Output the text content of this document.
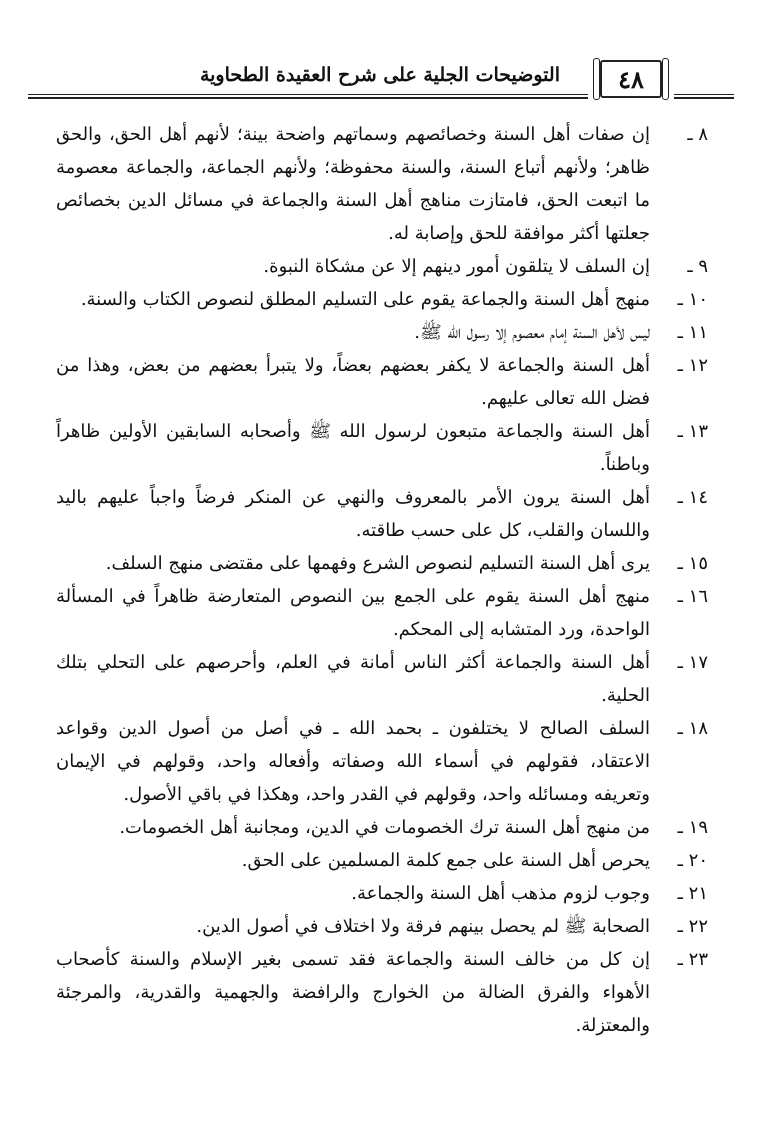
التوضيحات الجلية على شرح العقيدة الطحاوية ٤٨
٨ ـ
إن صفات أهل السنة وخصائصهم وسماتهم واضحة بينة؛ لأنهم أهل الحق، والحق ظاهر؛ ولأنهم أتباع السنة، والسنة محفوظة؛ ولأنهم الجماعة، والجماعة معصومة ما اتبعت الحق، فامتازت مناهج أهل السنة والجماعة في مسائل الدين بخصائص جعلتها أكثر موافقة للحق وإصابة له.
٩ ـ
إن السلف لا يتلقون أمور دينهم إلا عن مشكاة النبوة.
١٠ ـ
منهج أهل السنة والجماعة يقوم على التسليم المطلق لنصوص الكتاب والسنة.
١١ ـ
ليس لأهل السنة إمام معصوم إلا رسول الله ﷺ.
١٢ ـ
أهل السنة والجماعة لا يكفر بعضهم بعضاً، ولا يتبرأ بعضهم من بعض، وهذا من فضل الله تعالى عليهم.
١٣ ـ
أهل السنة والجماعة متبعون لرسول الله ﷺ وأصحابه السابقين الأولين ظاهراً وباطناً.
١٤ ـ
أهل السنة يرون الأمر بالمعروف والنهي عن المنكر فرضاً واجباً عليهم باليد واللسان والقلب، كل على حسب طاقته.
١٥ ـ
يرى أهل السنة التسليم لنصوص الشرع وفهمها على مقتضى منهج السلف.
١٦ ـ
منهج أهل السنة يقوم على الجمع بين النصوص المتعارضة ظاهراً في المسألة الواحدة، ورد المتشابه إلى المحكم.
١٧ ـ
أهل السنة والجماعة أكثر الناس أمانة في العلم، وأحرصهم على التحلي بتلك الحلية.
١٨ ـ
السلف الصالح لا يختلفون ـ بحمد الله ـ في أصل من أصول الدين وقواعد الاعتقاد، فقولهم في أسماء الله وصفاته وأفعاله واحد، وقولهم في الإيمان وتعريفه ومسائله واحد، وقولهم في القدر واحد، وهكذا في باقي الأصول.
١٩ ـ
من منهج أهل السنة ترك الخصومات في الدين، ومجانبة أهل الخصومات.
٢٠ ـ
يحرص أهل السنة على جمع كلمة المسلمين على الحق.
٢١ ـ
وجوب لزوم مذهب أهل السنة والجماعة.
٢٢ ـ
الصحابة ﷺ لم يحصل بينهم فرقة ولا اختلاف في أصول الدين.
٢٣ ـ
إن كل من خالف السنة والجماعة فقد تسمى بغير الإسلام والسنة كأصحاب الأهواء والفرق الضالة من الخوارج والرافضة والجهمية والقدرية، والمرجئة والمعتزلة.
